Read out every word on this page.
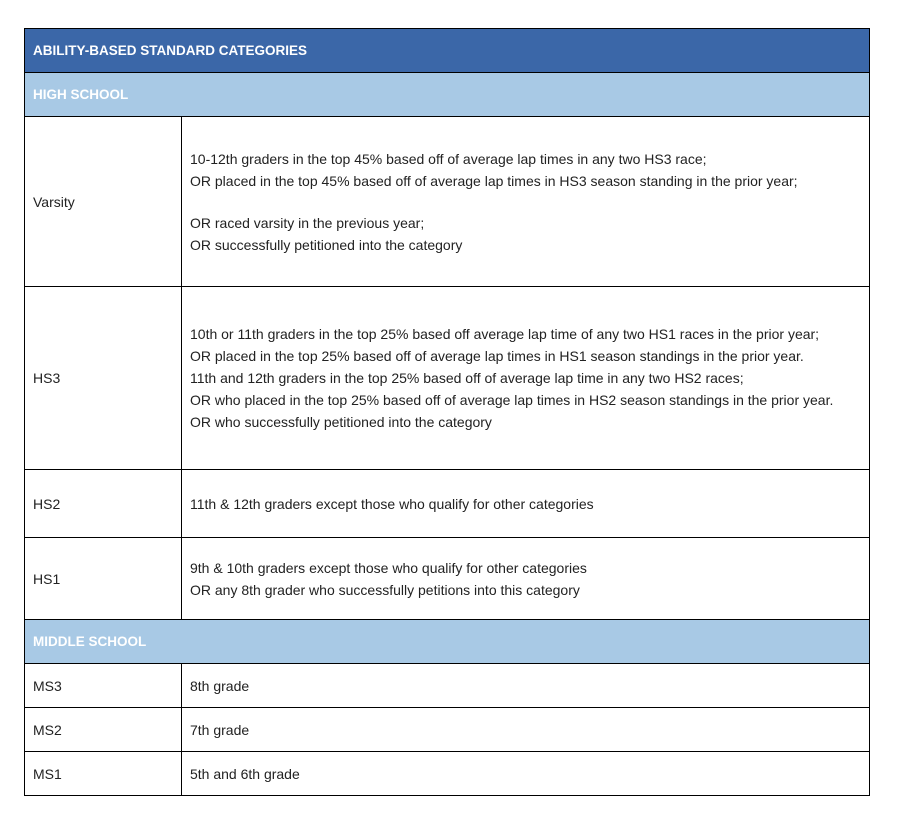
ABILITY-BASED STANDARD CATEGORIES	
HIGH SCHOOL	
Varsity	10-12th graders in the top 45% based off of average lap times in any two HS3 race;
OR placed in the top 45% based off of average lap times in HS3 season standing in the prior year;
OR raced varsity in the previous year;
OR successfully petitioned into the category

HS3	10th or 11th graders in the top 25% based off average lap time of any two HS1 races in the prior year;
OR placed in the top 25% based off of average lap times in HS1 season standings in the prior year.
11th and 12th graders in the top 25% based off of average lap time in any two HS2 races;
OR who placed in the top 25% based off of average lap times in HS2 season standings in the prior year.
OR who successfully petitioned into the category

HS2	11th & 12th graders except those who qualify for other categories

HS1	9th & 10th graders except those who qualify for other categories
OR any 8th grader who successfully petitions into this category

MIDDLE SCHOOL	
MS3	8th grade

MS2	7th grade

MS1	5th and 6th grade
